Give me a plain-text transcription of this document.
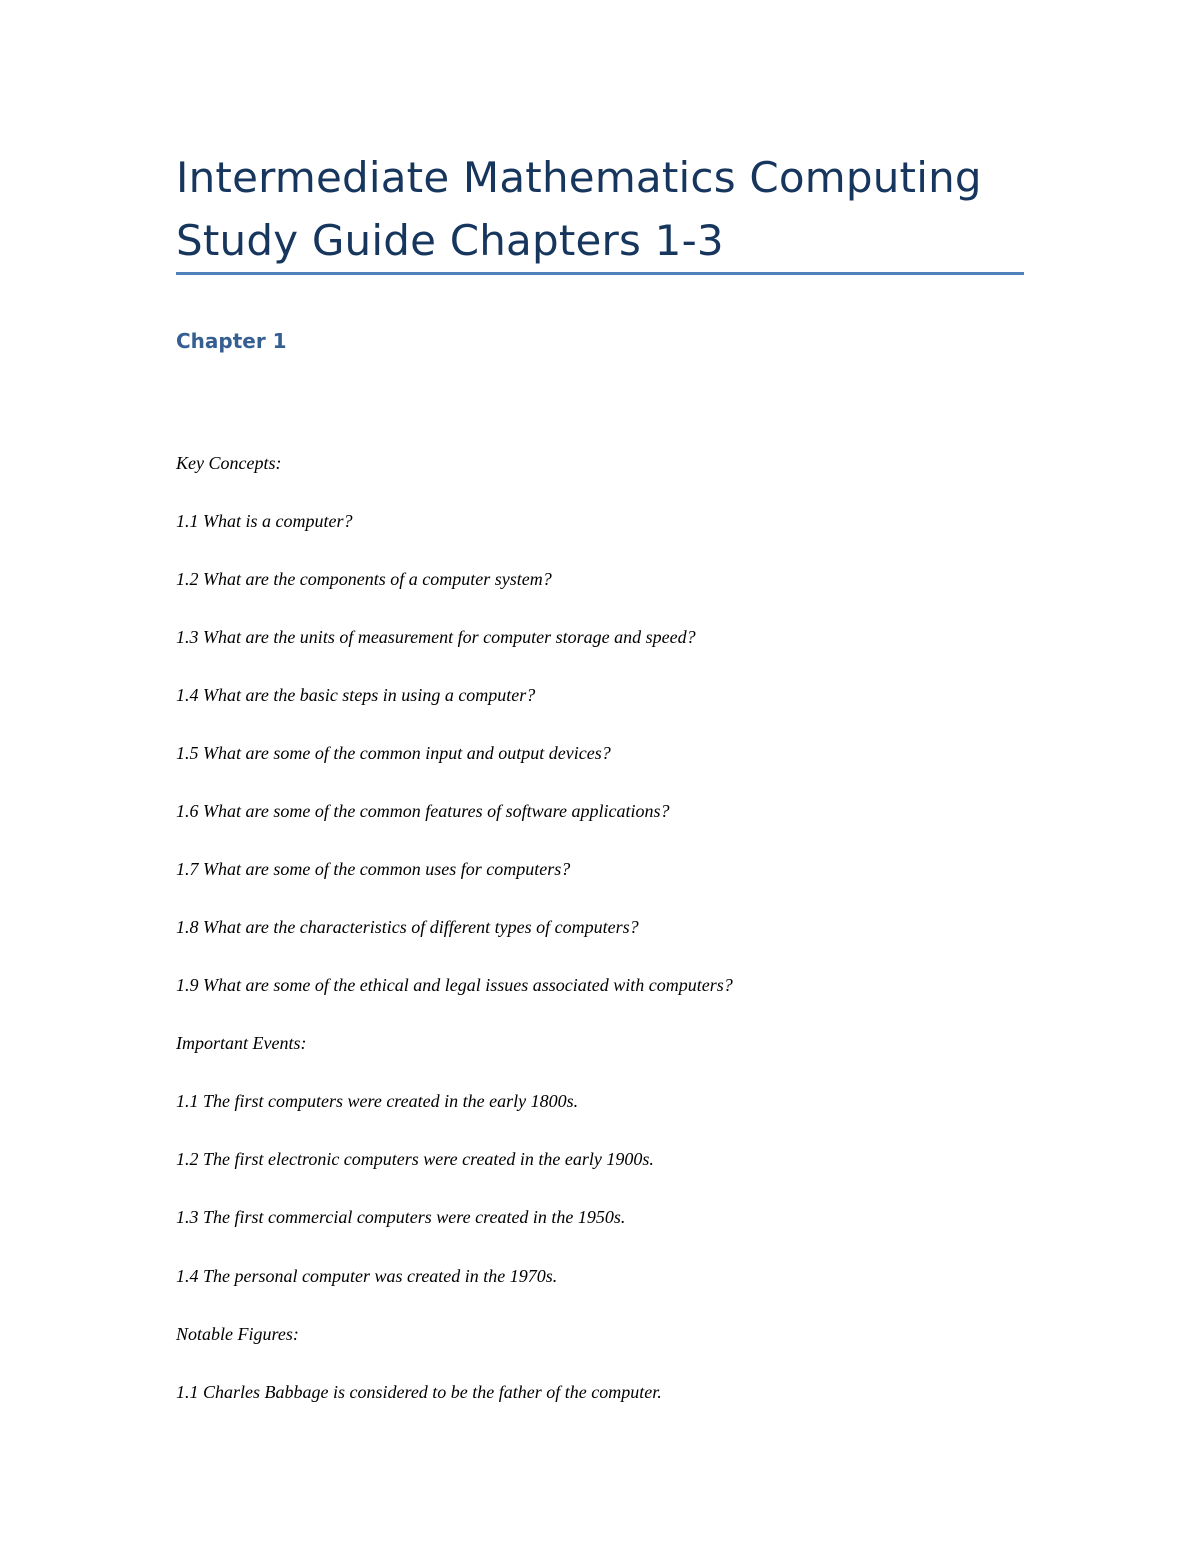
Intermediate Mathematics Computing
Study Guide Chapters 1-3
Chapter 1

Key Concepts:

1.1 What is a computer?

1.2 What are the components of a computer system?

1.3 What are the units of measurement for computer storage and speed?

1.4 What are the basic steps in using a computer?

1.5 What are some of the common input and output devices?

1.6 What are some of the common features of software applications?

1.7 What are some of the common uses for computers?

1.8 What are the characteristics of different types of computers?

1.9 What are some of the ethical and legal issues associated with computers?

Important Events:

1.1 The first computers were created in the early 1800s.

1.2 The first electronic computers were created in the early 1900s.

1.3 The first commercial computers were created in the 1950s.

1.4 The personal computer was created in the 1970s.

Notable Figures:

1.1 Charles Babbage is considered to be the father of the computer.
